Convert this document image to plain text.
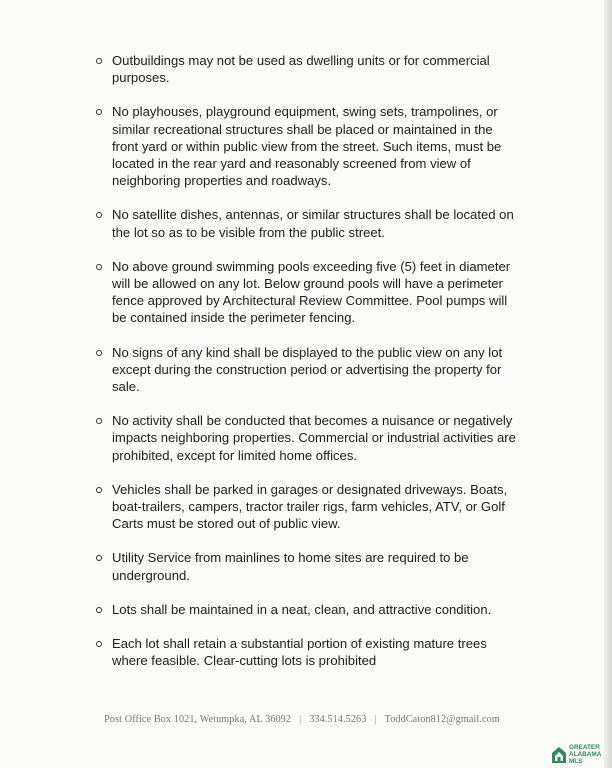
Outbuildings may not be used as dwelling units or for commercial purposes.
No playhouses, playground equipment, swing sets, trampolines, or similar recreational structures shall be placed or maintained in the front yard or within public view from the street. Such items, must be located in the rear yard and reasonably screened from view of neighboring properties and roadways.
No satellite dishes, antennas, or similar structures shall be located on the lot so as to be visible from the public street.
No above ground swimming pools exceeding five (5) feet in diameter will be allowed on any lot. Below ground pools will have a perimeter fence approved by Architectural Review Committee. Pool pumps will be contained inside the perimeter fencing.
No signs of any kind shall be displayed to the public view on any lot except during the construction period or advertising the property for sale.
No activity shall be conducted that becomes a nuisance or negatively impacts neighboring properties. Commercial or industrial activities are prohibited, except for limited home offices.
Vehicles shall be parked in garages or designated driveways. Boats, boat-trailers, campers, tractor trailer rigs, farm vehicles, ATV, or Golf Carts must be stored out of public view.
Utility Service from mainlines to home sites are required to be underground.
Lots shall be maintained in a neat, clean, and attractive condition.
Each lot shall retain a substantial portion of existing mature trees where feasible. Clear-cutting lots is prohibited
Post Office Box 1021, Wetumpka, AL 36092 | 334.514.5263 | ToddCaton812@gmail.com
GREATER
ALABAMA
MLS
